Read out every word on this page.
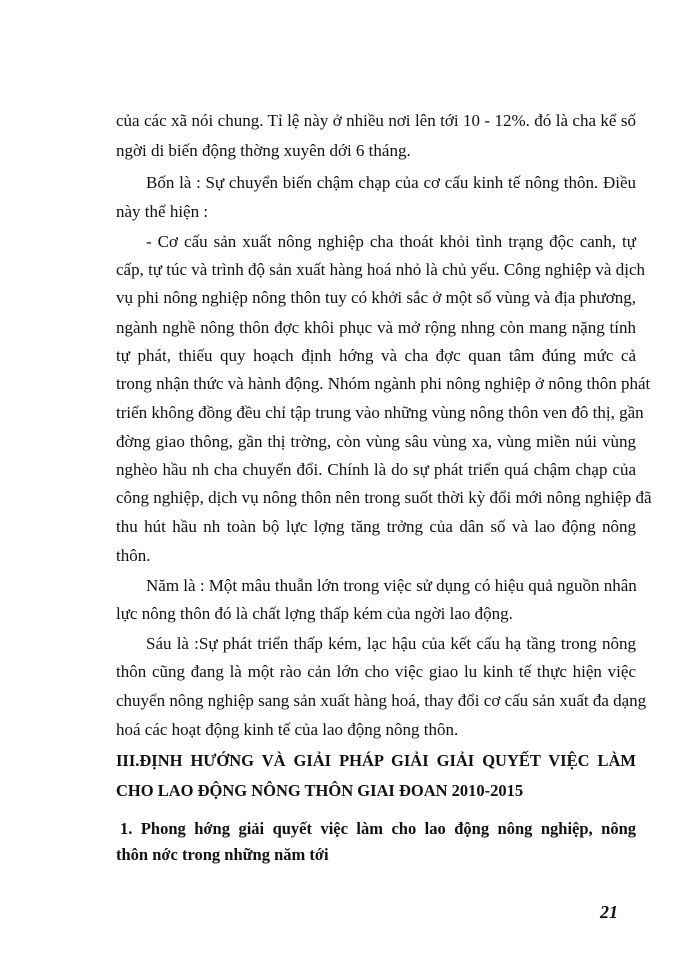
của các xã nói chung. Tỉ lệ này ở nhiều nơi lên tới 10 - 12%. đó là cha kể số
ngời di biến động thờng xuyên dới 6 tháng.
Bốn là : Sự chuyển biến chậm chạp của cơ cấu kinh tế nông thôn. Điều
này thể hiện :
- Cơ cấu sản xuất nông nghiệp cha thoát khỏi tình trạng độc canh, tự
cấp, tự túc và trình độ sản xuất hàng hoá nhỏ là chủ yếu. Công nghiệp và dịch
vụ phi nông nghiệp nông thôn tuy có khởi sắc ở một số vùng và địa phương,
ngành nghề nông thôn đợc khôi phục và mở rộng nhng còn mang nặng tính
tự phát, thiếu quy hoạch định hớng và cha đợc quan tâm đúng mức cả
trong nhận thức và hành động. Nhóm ngành phi nông nghiệp ở nông thôn phát
triển không đồng đều chỉ tập trung vào những vùng nông thôn ven đô thị, gần
đờng giao thông, gần thị trờng, còn vùng sâu vùng xa, vùng miền núi vùng
nghèo hầu nh cha chuyển đổi. Chính là do sự phát triển quá chậm chạp của
công nghiệp, dịch vụ nông thôn nên trong suốt thời kỳ đổi mới nông nghiệp đã
thu hút hầu nh toàn bộ lực lợng tăng trởng của dân số và lao động nông
thôn.
Năm là : Một mâu thuẫn lớn trong việc sử dụng có hiệu quả nguồn nhân
lực nông thôn đó là chất lợng thấp kém của ngời lao động.
Sáu là :Sự phát triển thấp kém, lạc hậu của kết cấu hạ tầng trong nông
thôn cũng đang là một rào cản lớn cho việc giao lu kinh tế thực hiện việc
chuyển nông nghiệp sang sản xuất hàng hoá, thay đổi cơ cấu sản xuất đa dạng
hoá các hoạt động kinh tế của lao động nông thôn.
III.ĐỊNH HƯỚNG VÀ GIẢI PHÁP GIẢI GIẢI QUYẾT VIỆC LÀM
CHO LAO ĐỘNG NÔNG THÔN GIAI ĐOAN 2010-2015
1. Phong hớng giải quyết việc làm cho lao động nông nghiệp, nông
thôn nớc trong những năm tới
21
